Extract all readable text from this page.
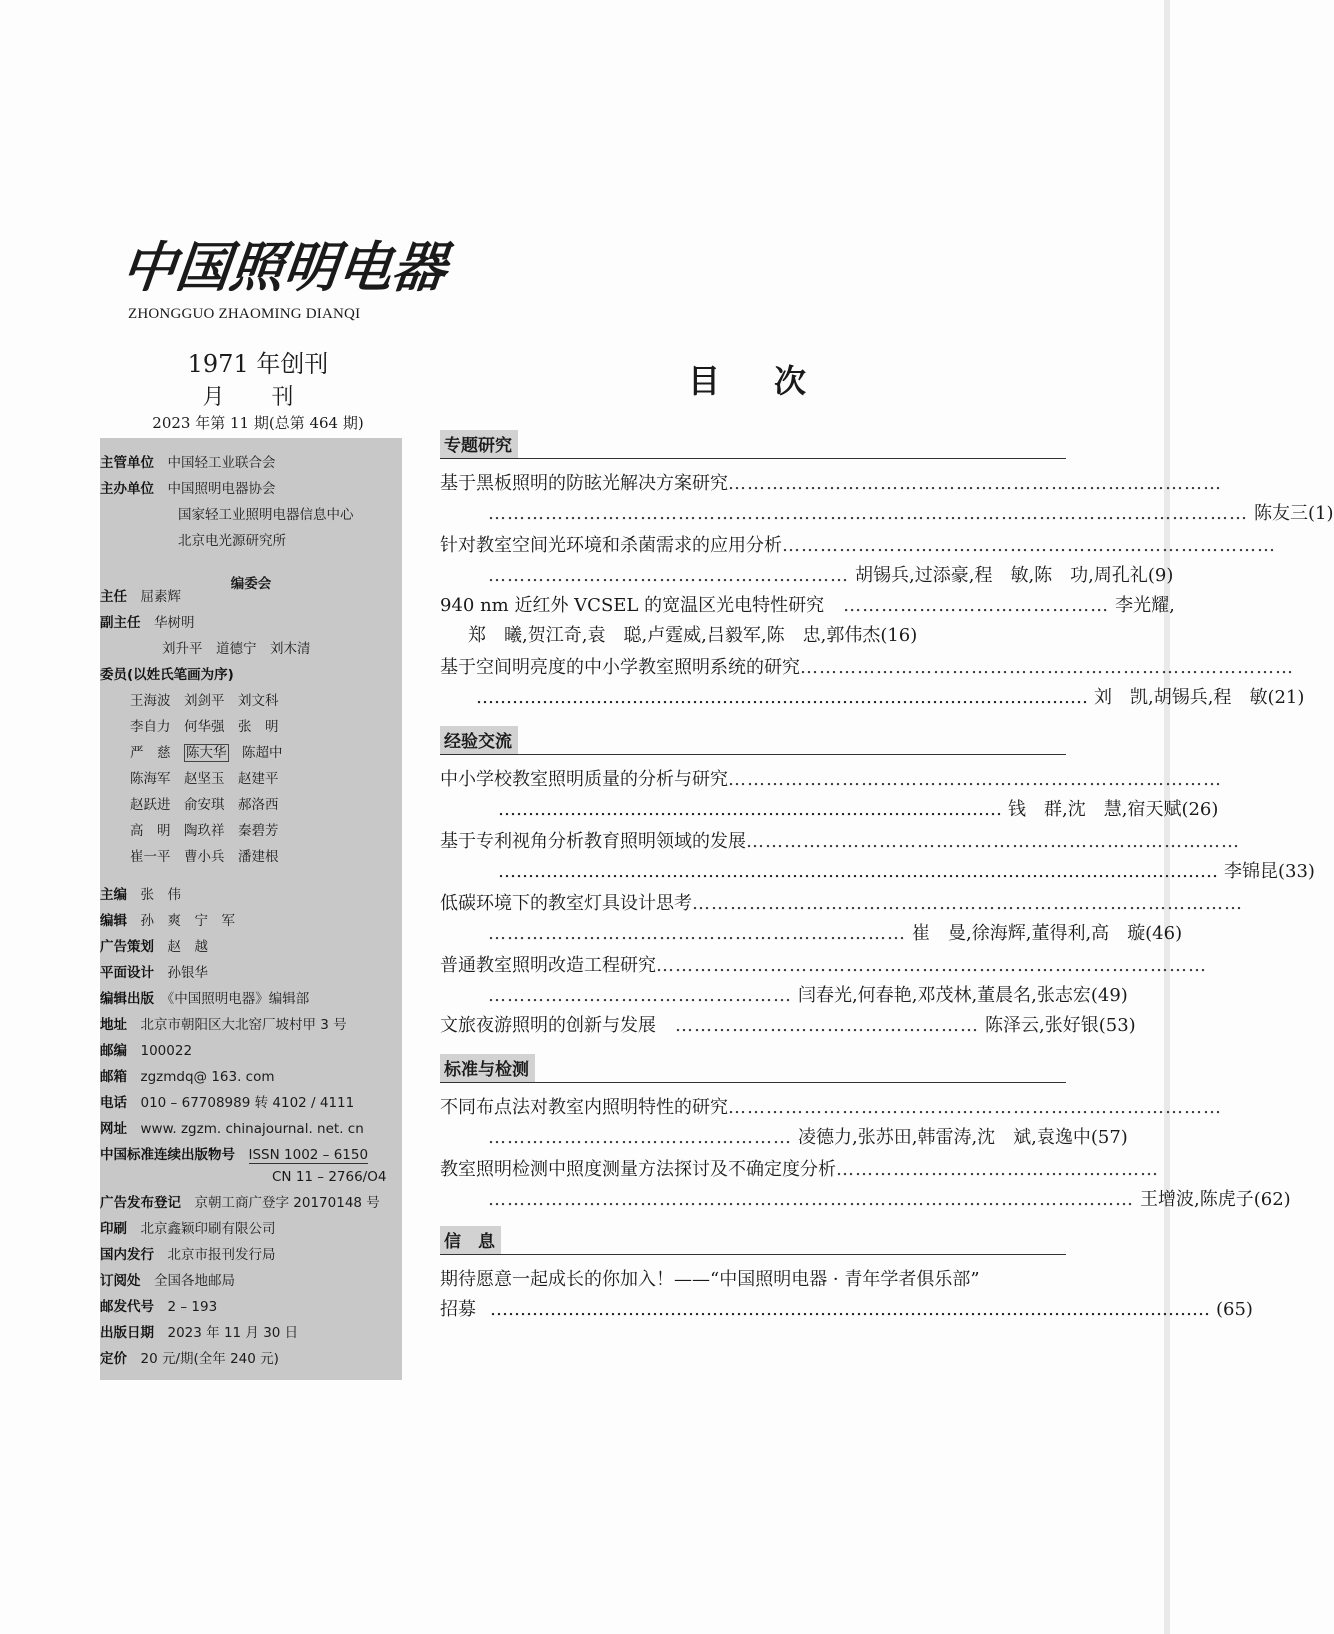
中国照明电器
ZHONGGUO ZHAOMING DIANQI
1971 年创刊
月 刊
2023 年第 11 期(总第 464 期)
主管单位　 中国轻工业联合会
主办单位　 中国照明电器协会
国家轻工业照明电器信息中心
北京电光源研究所
编委会
主任　 屈素辉
副主任　 华树明
刘升平　道德宁　刘木清
委员(以姓氏笔画为序)
王海波　刘剑平　刘文科
李自力　何华强　张　明
严　慈　陈大华　 陈超中
陈海军　赵坚玉　赵建平
赵跃进　俞安琪　郝洛西
高　明　陶玖祥　秦碧芳
崔一平　曹小兵　潘建根
主编　 张　伟
编辑　 孙　爽　宁　军
广告策划　 赵　越
平面设计　 孙银华
编辑出版　 《中国照明电器》编辑部
地址　 北京市朝阳区大北窑厂坡村甲 3 号
邮编　 100022
邮箱　 zgzmdq@ 163. com
电话　 010 – 67708989 转 4102 / 4111
网址　 www. zgzm. chinajournal. net. cn
中国标准连续出版物号　 ISSN 1002 – 6150
CN 11 – 2766/O4
广告发布登记　 京朝工商广登字 20170148 号
印刷　 北京鑫颖印刷有限公司
国内发行　 北京市报刊发行局
订阅处　 全国各地邮局
邮发代号　 2 – 193
出版日期　 2023 年 11 月 30 日
定价　 20 元/期(全年 240 元)
目次
专题研究
基于黑板照明的防眩光解决方案研究 ……………………………………………………………………
………………………………………………………………………………………………………… 陈友三(1)
针对教室空间光环境和杀菌需求的应用分析 ……………………………………………………………………
………………………………………………… 胡锡兵,过添豪,程　敏,陈　功,周孔礼(9)
940 nm 近红外 VCSEL 的宽温区光电特性研究 　…………………………………… 李光耀,
郑　曦,贺江奇,袁　聪,卢霆威,吕毅军,陈　忠,郭伟杰(16)
基于空间明亮度的中小学教室照明系统的研究 ……………………………………………………………………
………………………………………………………………………………………… 刘　凯,胡锡兵,程　敏(21)
经验交流
中小学校教室照明质量的分析与研究 ……………………………………………………………………
………………………………………………………………………… 钱　群,沈　慧,宿天赋(26)
基于专利视角分析教育照明领域的发展 ……………………………………………………………………
………………………………………………………………………………………………………… 李锦昆(33)
低碳环境下的教室灯具设计思考 ……………………………………………………………………………
………………………………………………………… 崔　曼,徐海辉,董得利,高　璇(46)
普通教室照明改造工程研究 ……………………………………………………………………………
………………………………………… 闫春光,何春艳,邓茂林,董晨名,张志宏(49)
文旅夜游照明的创新与发展 　………………………………………… 陈泽云,张好银(53)
标准与检测
不同布点法对教室内照明特性的研究 ……………………………………………………………………
………………………………………… 凌德力,张苏田,韩雷涛,沈　斌,袁逸中(57)
教室照明检测中照度测量方法探讨及不确定度分析 ……………………………………………
………………………………………………………………………………………… 王增波,陈虎子(62)
信　息
期待愿意一起成长的你加入！——“中国照明电器 · 青年学者俱乐部”
招募 ………………………………………………………………………………………………………… (65)
